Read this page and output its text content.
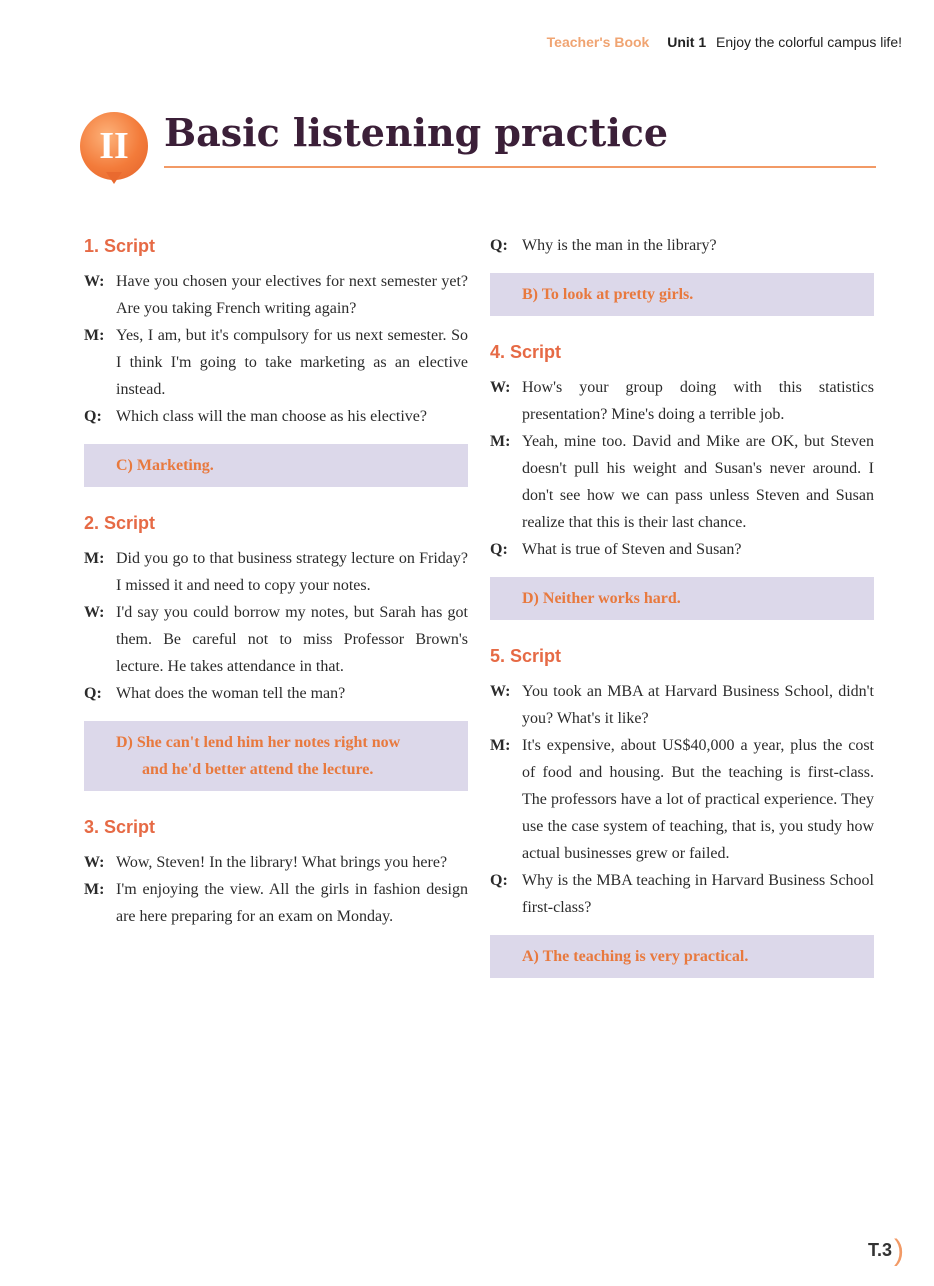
Teacher's Book Unit 1 Enjoy the colorful campus life!
II Basic listening practice
1. Script
W: Have you chosen your electives for next semester yet? Are you taking French writing again?
M: Yes, I am, but it's compulsory for us next semester. So I think I'm going to take marketing as an elective instead.
Q: Which class will the man choose as his elective?
C) Marketing.
2. Script
M: Did you go to that business strategy lecture on Friday? I missed it and need to copy your notes.
W: I'd say you could borrow my notes, but Sarah has got them. Be careful not to miss Professor Brown's lecture. He takes attendance in that.
Q: What does the woman tell the man?
D) She can't lend him her notes right now
and he'd better attend the lecture.
3. Script
W: Wow, Steven! In the library! What brings you here?
M: I'm enjoying the view. All the girls in fashion design are here preparing for an exam on Monday.
Q: Why is the man in the library?
B) To look at pretty girls.
4. Script
W: How's your group doing with this statistics presentation? Mine's doing a terrible job.
M: Yeah, mine too. David and Mike are OK, but Steven doesn't pull his weight and Susan's never around. I don't see how we can pass unless Steven and Susan realize that this is their last chance.
Q: What is true of Steven and Susan?
D) Neither works hard.
5. Script
W: You took an MBA at Harvard Business School, didn't you? What's it like?
M: It's expensive, about US$40,000 a year, plus the cost of food and housing. But the teaching is first-class. The professors have a lot of practical experience. They use the case system of teaching, that is, you study how actual businesses grew or failed.
Q: Why is the MBA teaching in Harvard Business School first-class?
A) The teaching is very practical.
T.3)
